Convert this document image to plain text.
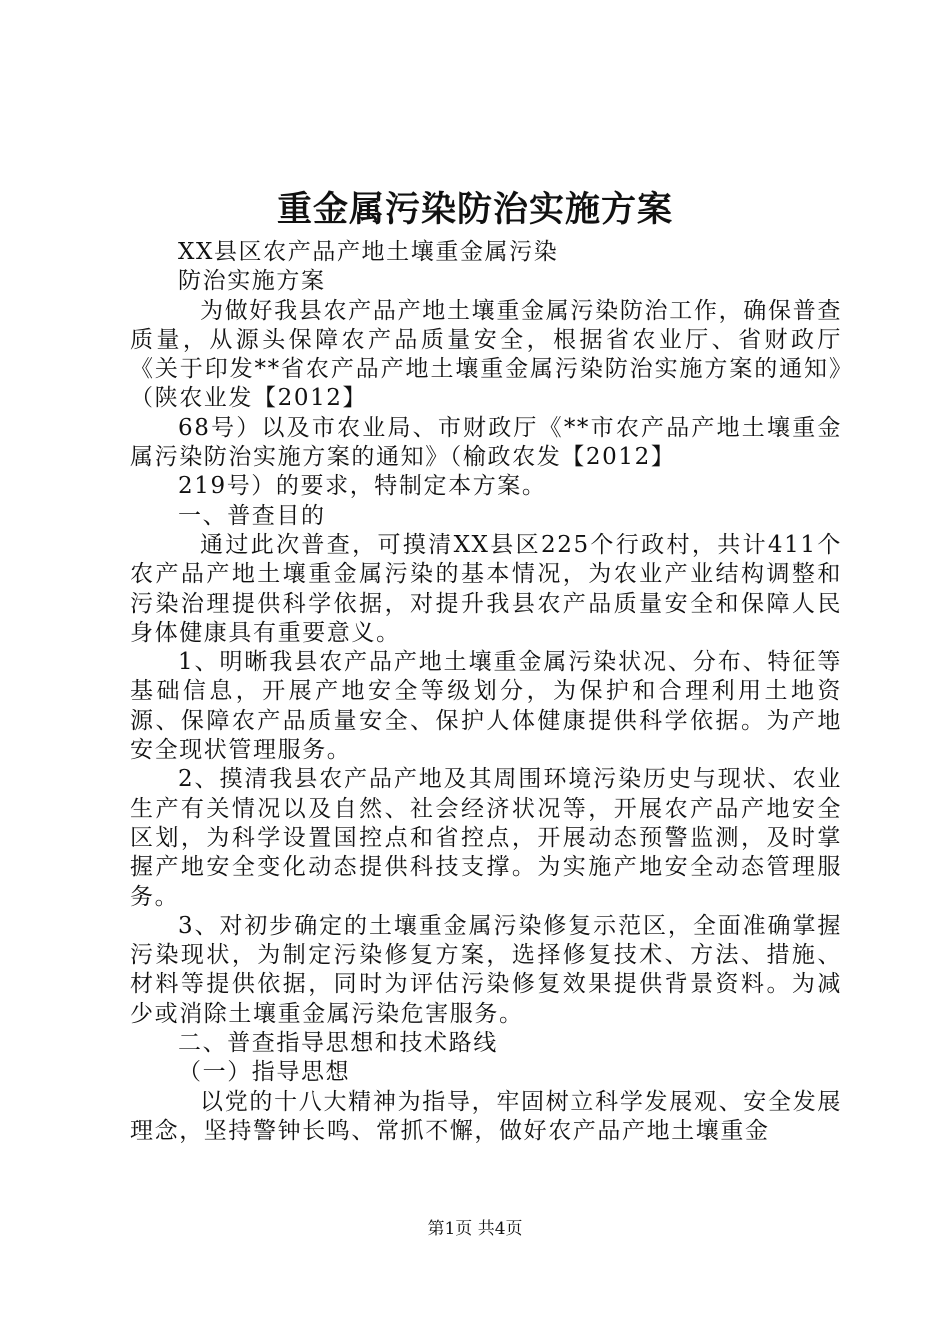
重金属污染防治实施方案

XX县区农产品产地土壤重金属污染

防治实施方案

为做好我县农产品产地土壤重金属污染防治工作，确保普查质量，从源头保障农产品质量安全，根据省农业厅、省财政厅《关于印发**省农产品产地土壤重金属污染防治实施方案的通知》（陕农业发【2012】

68号）以及市农业局、市财政厅《**市农产品产地土壤重金属污染防治实施方案的通知》（榆政农发【2012】

219号）的要求，特制定本方案。

一、普查目的

通过此次普查，可摸清XX县区225个行政村，共计411个农产品产地土壤重金属污染的基本情况，为农业产业结构调整和污染治理提供科学依据，对提升我县农产品质量安全和保障人民身体健康具有重要意义。

1、明晰我县农产品产地土壤重金属污染状况、分布、特征等基础信息，开展产地安全等级划分，为保护和合理利用土地资源、保障农产品质量安全、保护人体健康提供科学依据。为产地安全现状管理服务。

2、摸清我县农产品产地及其周围环境污染历史与现状、农业生产有关情况以及自然、社会经济状况等，开展农产品产地安全区划，为科学设置国控点和省控点，开展动态预警监测，及时掌握产地安全变化动态提供科技支撑。为实施产地安全动态管理服务。

3、对初步确定的土壤重金属污染修复示范区，全面准确掌握污染现状，为制定污染修复方案，选择修复技术、方法、措施、材料等提供依据，同时为评估污染修复效果提供背景资料。为减少或消除土壤重金属污染危害服务。

二、普查指导思想和技术路线

（一）指导思想

以党的十八大精神为指导，牢固树立科学发展观、安全发展理念，坚持警钟长鸣、常抓不懈，做好农产品产地土壤重金

第1页 共4页
